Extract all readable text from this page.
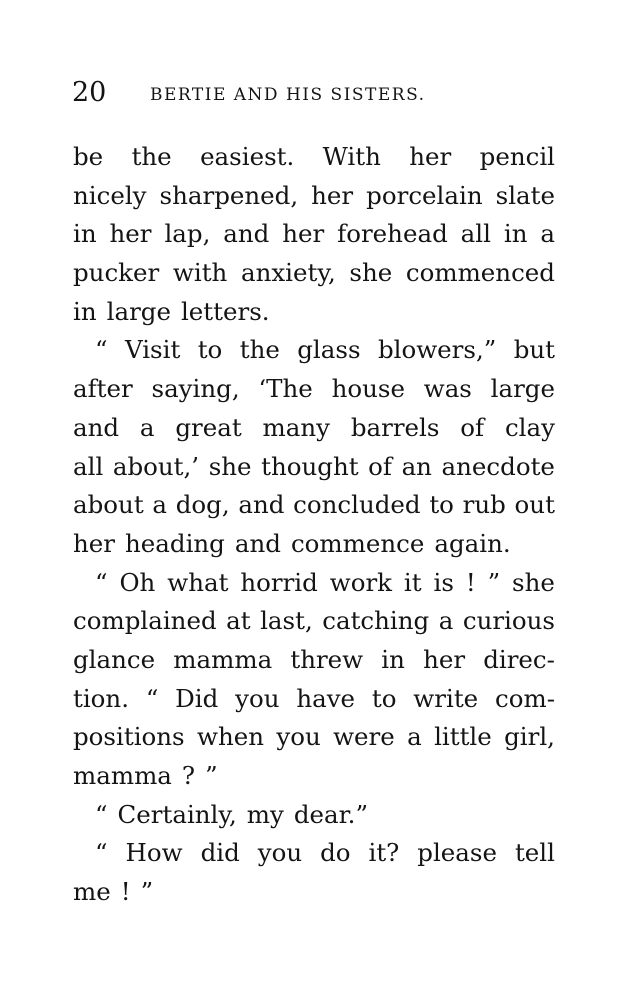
20	BERTIE AND HIS SISTERS.
be the easiest. With her pencil
nicely sharpened, her porcelain slate
in her lap, and her forehead all in a
pucker with anxiety, she commenced
in large letters.
“ Visit to the glass blowers,” but
after saying, ‘The house was large
and a great many barrels of clay
all about,’ she thought of an anecdote
about a dog, and concluded to rub out
her heading and commence again.
“ Oh what horrid work it is ! ” she
complained at last, catching a curious
glance mamma threw in her direc-
tion. “ Did you have to write com-
positions when you were a little girl,
mamma ? ”
“ Certainly, my dear.”
“ How did you do it? please tell
me ! ”
